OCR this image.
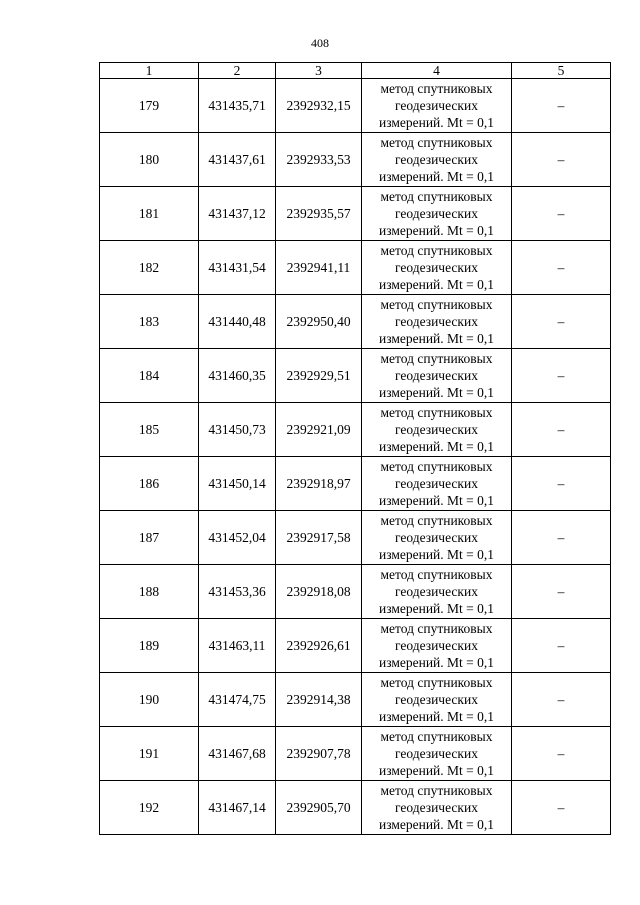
408
1	2	3	4	5
179	431435,71	2392932,15	метод спутниковых
геодезических
измерений. Mt = 0,1	–
180	431437,61	2392933,53	метод спутниковых
геодезических
измерений. Mt = 0,1	–
181	431437,12	2392935,57	метод спутниковых
геодезических
измерений. Mt = 0,1	–
182	431431,54	2392941,11	метод спутниковых
геодезических
измерений. Mt = 0,1	–
183	431440,48	2392950,40	метод спутниковых
геодезических
измерений. Mt = 0,1	–
184	431460,35	2392929,51	метод спутниковых
геодезических
измерений. Mt = 0,1	–
185	431450,73	2392921,09	метод спутниковых
геодезических
измерений. Mt = 0,1	–
186	431450,14	2392918,97	метод спутниковых
геодезических
измерений. Mt = 0,1	–
187	431452,04	2392917,58	метод спутниковых
геодезических
измерений. Mt = 0,1	–
188	431453,36	2392918,08	метод спутниковых
геодезических
измерений. Mt = 0,1	–
189	431463,11	2392926,61	метод спутниковых
геодезических
измерений. Mt = 0,1	–
190	431474,75	2392914,38	метод спутниковых
геодезических
измерений. Mt = 0,1	–
191	431467,68	2392907,78	метод спутниковых
геодезических
измерений. Mt = 0,1	–
192	431467,14	2392905,70	метод спутниковых
геодезических
измерений. Mt = 0,1	–
